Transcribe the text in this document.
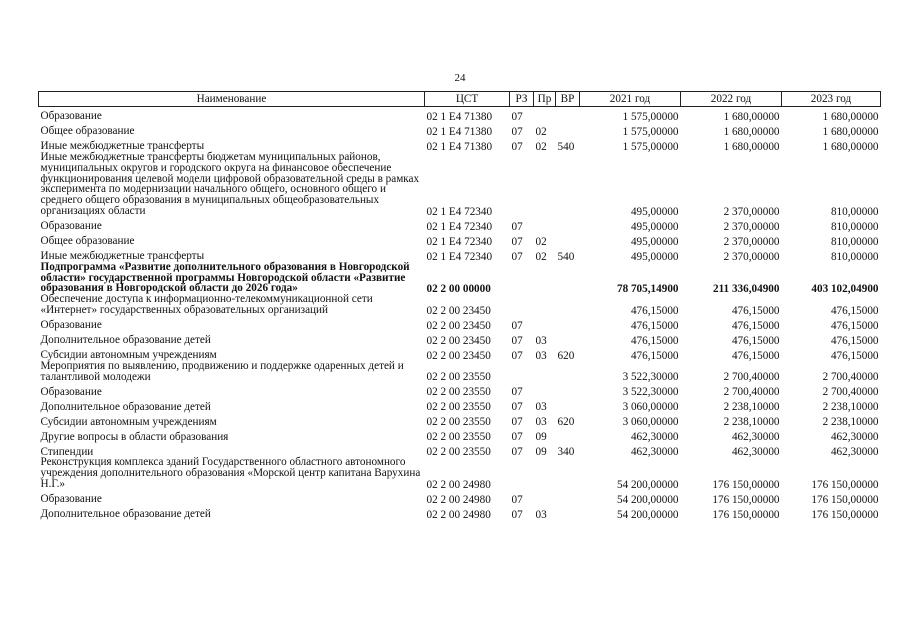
24
Наименование	ЦСТ	РЗ	Пр	ВР	2021 год	2022 год	2023 год
Образование	02 1 E4 71380	07			1 575,00000	1 680,00000	1 680,00000
Общее образование	02 1 E4 71380	07	02		1 575,00000	1 680,00000	1 680,00000
Иные межбюджетные трансферты	02 1 E4 71380	07	02	540	1 575,00000	1 680,00000	1 680,00000
Иные межбюджетные трансферты бюджетам муниципальных районов, муниципальных округов и городского округа на финансовое обеспечение функционирования целевой модели цифровой образовательной среды в рамках эксперимента по модернизации начального общего, основного общего и среднего общего образования в муниципальных общеобразовательных организациях области	02 1 E4 72340				495,00000	2 370,00000	810,00000
Образование	02 1 E4 72340	07			495,00000	2 370,00000	810,00000
Общее образование	02 1 E4 72340	07	02		495,00000	2 370,00000	810,00000
Иные межбюджетные трансферты	02 1 E4 72340	07	02	540	495,00000	2 370,00000	810,00000
Подпрограмма «Развитие дополнительного образования в Новгородской области» государственной программы Новгородской области «Развитие образования в Новгородской области до 2026 года»	02 2 00 00000				78 705,14900	211 336,04900	403 102,04900
Обеспечение доступа к информационно-телекоммуникационной сети «Интернет» государственных образовательных организаций	02 2 00 23450				476,15000	476,15000	476,15000
Образование	02 2 00 23450	07			476,15000	476,15000	476,15000
Дополнительное образование детей	02 2 00 23450	07	03		476,15000	476,15000	476,15000
Субсидии автономным учреждениям	02 2 00 23450	07	03	620	476,15000	476,15000	476,15000
Мероприятия по выявлению, продвижению и поддержке одаренных детей и талантливой молодежи	02 2 00 23550				3 522,30000	2 700,40000	2 700,40000
Образование	02 2 00 23550	07			3 522,30000	2 700,40000	2 700,40000
Дополнительное образование детей	02 2 00 23550	07	03		3 060,00000	2 238,10000	2 238,10000
Субсидии автономным учреждениям	02 2 00 23550	07	03	620	3 060,00000	2 238,10000	2 238,10000
Другие вопросы в области образования	02 2 00 23550	07	09		462,30000	462,30000	462,30000
Стипендии	02 2 00 23550	07	09	340	462,30000	462,30000	462,30000
Реконструкция комплекса зданий Государственного областного автономного учреждения дополнительного образования «Морской центр капитана Варухина Н.Г.»	02 2 00 24980				54 200,00000	176 150,00000	176 150,00000
Образование	02 2 00 24980	07			54 200,00000	176 150,00000	176 150,00000
Дополнительное образование детей	02 2 00 24980	07	03		54 200,00000	176 150,00000	176 150,00000
